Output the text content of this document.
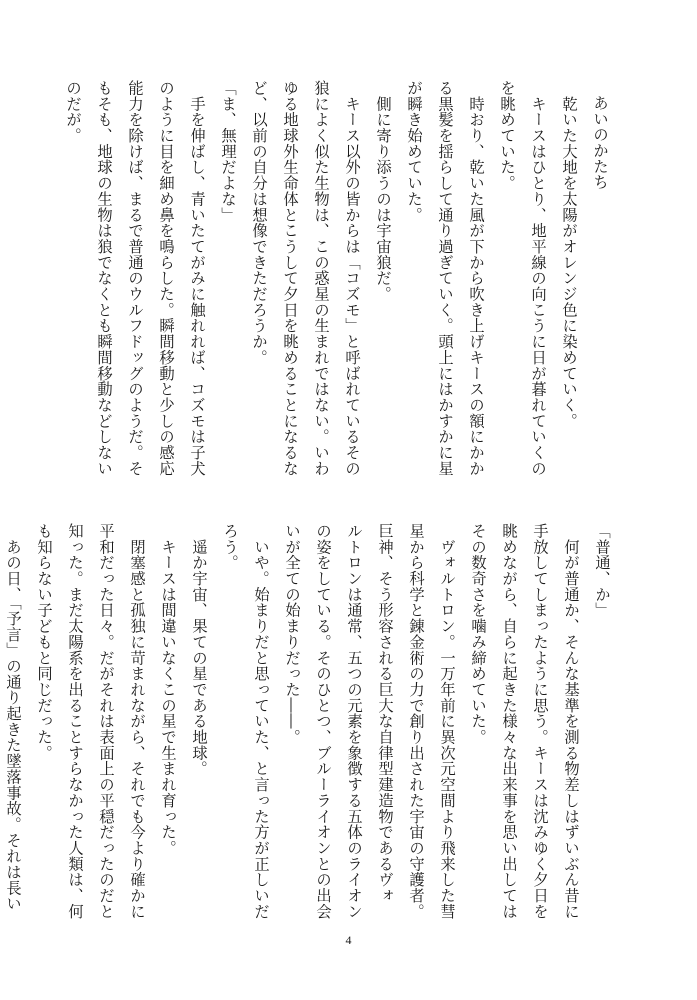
あいのかたち
　乾いた大地を太陽がオレンジ色に染めていく。
　キースはひとり、地平線の向こうに日が暮れていくの
を眺めていた。
　時おり、乾いた風が下から吹き上げキースの額にかか
る黒髪を揺らして通り過ぎていく。頭上にはかすかに星
が瞬き始めていた。
　側に寄り添うのは宇宙狼だ。
　キース以外の皆からは「コズモ」と呼ばれているその
狼によく似た生物は、この惑星の生まれではない。いわ
ゆる地球外生命体とこうして夕日を眺めることになるな
ど、以前の自分は想像できただろうか。
「ま、無理だよな」
　手を伸ばし、青いたてがみに触れれば、コズモは子犬
のように目を細め鼻を鳴らした。瞬間移動と少しの感応
能力を除けば、まるで普通のウルフドッグのようだ。そ
もそも、地球の生物は狼でなくとも瞬間移動などしない
のだが。
「普通、か」
　何が普通か、そんな基準を測る物差しはずいぶん昔に
手放してしまったように思う。キースは沈みゆく夕日を
眺めながら、自らに起きた様々な出来事を思い出しては
その数奇さを噛み締めていた。
　ヴォルトロン。一万年前に異次元空間より飛来した彗
星から科学と錬金術の力で創り出された宇宙の守護者。
巨神、そう形容される巨大な自律型建造物であるヴォ
ルトロンは通常、五つの元素を象徴する五体のライオン
の姿をしている。そのひとつ、ブルーライオンとの出会
いが全ての始まりだった――。
　いや。始まりだと思っていた、と言った方が正しいだ
ろう。
　遥か宇宙、果ての星である地球。
　キースは間違いなくこの星で生まれ育った。
　閉塞感と孤独に苛まれながら、それでも今より確かに
平和だった日々。だがそれは表面上の平穏だったのだと
知った。まだ太陽系を出ることすらなかった人類は、何
も知らない子どもと同じだった。
　あの日、「予言」の通り起きた墜落事故。それは長い
4
